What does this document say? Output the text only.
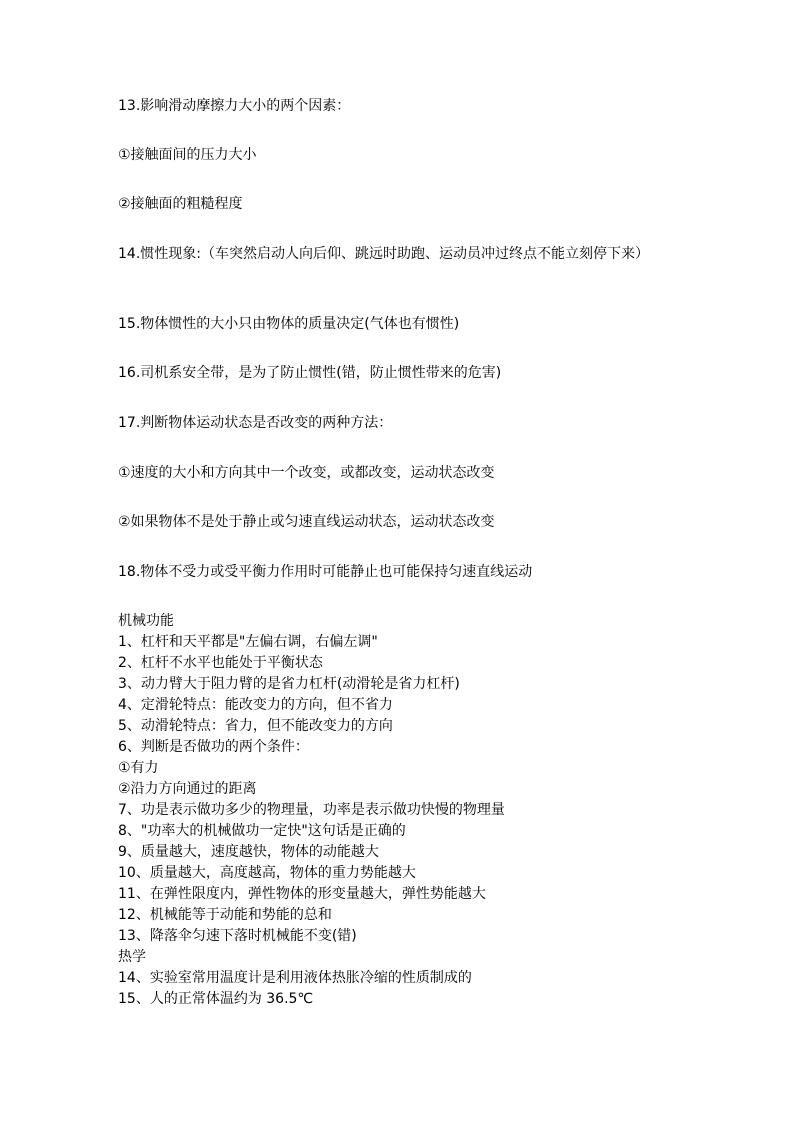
13.影响滑动摩擦力大小的两个因素：
①接触面间的压力大小
②接触面的粗糙程度
14.惯性现象:（车突然启动人向后仰、跳远时助跑、运动员冲过终点不能立刻停下来）
15.物体惯性的大小只由物体的质量决定(气体也有惯性)
16.司机系安全带，是为了防止惯性(错，防止惯性带来的危害)
17.判断物体运动状态是否改变的两种方法：
①速度的大小和方向其中一个改变，或都改变，运动状态改变
②如果物体不是处于静止或匀速直线运动状态，运动状态改变
18.物体不受力或受平衡力作用时可能静止也可能保持匀速直线运动
机械功能
1、杠杆和天平都是"左偏右调，右偏左调"
2、杠杆不水平也能处于平衡状态
3、动力臂大于阻力臂的是省力杠杆(动滑轮是省力杠杆)
4、定滑轮特点：能改变力的方向，但不省力
5、动滑轮特点：省力，但不能改变力的方向
6、判断是否做功的两个条件：
①有力
②沿力方向通过的距离
7、功是表示做功多少的物理量，功率是表示做功快慢的物理量
8、"功率大的机械做功一定快"这句话是正确的
9、质量越大，速度越快，物体的动能越大
10、质量越大，高度越高，物体的重力势能越大
11、在弹性限度内，弹性物体的形变量越大，弹性势能越大
12、机械能等于动能和势能的总和
13、降落伞匀速下落时机械能不变(错)
热学
14、实验室常用温度计是利用液体热胀冷缩的性质制成的
15、人的正常体温约为 36.5℃
